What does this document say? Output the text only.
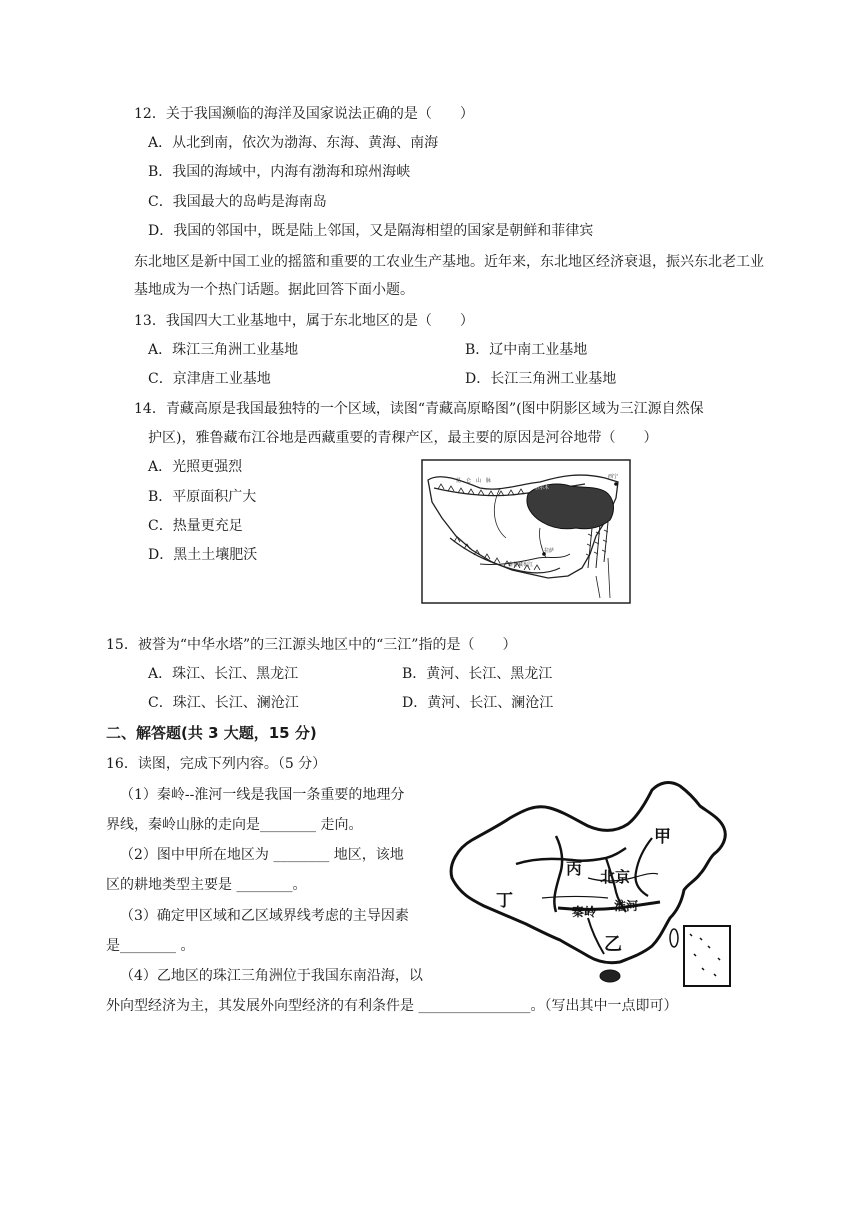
12．关于我国濒临的海洋及国家说法正确的是（　　）
A．从北到南，依次为渤海、东海、黄海、南海
B．我国的海域中，内海有渤海和琼州海峡
C．我国最大的岛屿是海南岛
D．我国的邻国中，既是陆上邻国，又是隔海相望的国家是朝鲜和菲律宾
东北地区是新中国工业的摇篮和重要的工农业生产基地。近年来，东北地区经济衰退，振兴东北老工业基地成为一个热门话题。据此回答下面小题。
13．我国四大工业基地中，属于东北地区的是（　　）
A．珠江三角洲工业基地	B．辽中南工业基地
C．京津唐工业基地	D．长江三角洲工业基地
14．青藏高原是我国最独特的一个区域，读图“青藏高原略图”(图中阴影区域为三江源自然保
护区)，雅鲁藏布江谷地是西藏重要的青稞产区，最主要的原因是河谷地带（　　）
A．光照更强烈
B．平原面积广大
C．热量更充足
D．黑土土壤肥沃
昆　仑　山　脉
格尔木
西宁
拉萨
雅鲁藏布江
15．被誉为“中华水塔”的三江源头地区中的“三江”指的是（　　）
A．珠江、长江、黑龙江	B．黄河、长江、黑龙江
C．珠江、长江、澜沧江	D．黄河、长江、澜沧江
二、解答题(共 3 大题，15 分)
16．读图，完成下列内容。（5 分）
（1）秦岭--淮河一线是我国一条重要的地理分
界线，秦岭山脉的走向是________ 走向。
（2）图中甲所在地区为 ________ 地区，该地
区的耕地类型主要是 ________。
（3）确定甲区域和乙区域界线考虑的主导因素
是________ 。
（4）乙地区的珠江三角洲位于我国东南沿海，以
外向型经济为主，其发展外向型经济的有利条件是 ________________。（写出其中一点即可）
甲
丙 北京
丁
秦岭 淮河
乙
